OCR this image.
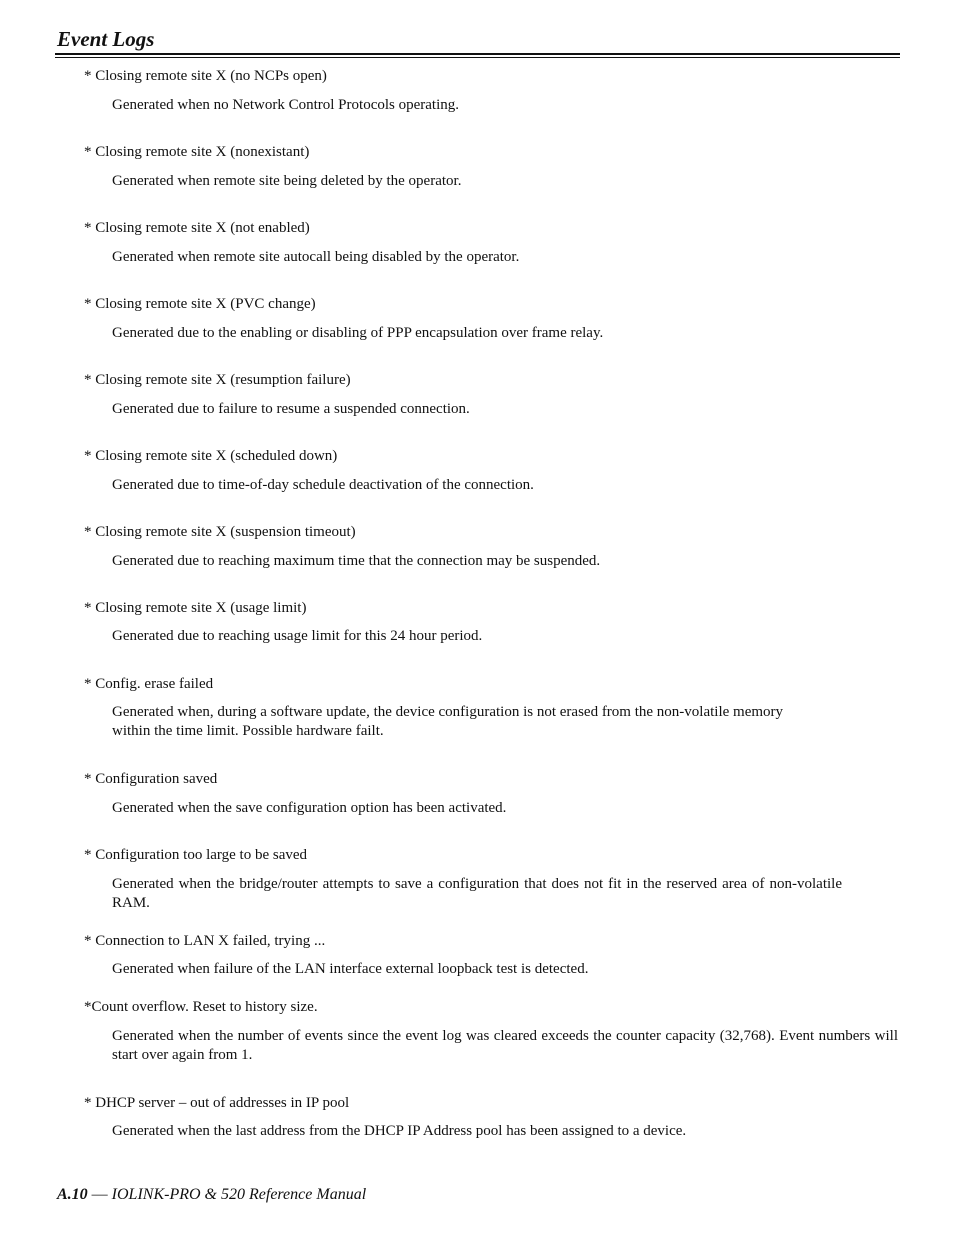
Event Logs
* Closing remote site X (no NCPs open)

Generated when no Network Control Protocols operating.

* Closing remote site X (nonexistant)

Generated when remote site being deleted by the operator.

* Closing remote site X (not enabled)

Generated when remote site autocall being disabled by the operator.

* Closing remote site X (PVC change)

Generated due to the enabling or disabling of PPP encapsulation over frame relay.

* Closing remote site X (resumption failure)

Generated due to failure to resume a suspended connection.

* Closing remote site X (scheduled down)

Generated due to time-of-day schedule deactivation of the connection.

* Closing remote site X (suspension timeout)

Generated due to reaching maximum time that the connection may be suspended.

* Closing remote site X (usage limit)

Generated due to reaching usage limit for this 24 hour period.

* Config. erase failed

Generated when, during a software update, the device configuration is not erased from the non-volatile memory within the time limit. Possible hardware failt.

* Configuration saved

Generated when the save configuration option has been activated.

* Configuration too large to be saved

Generated when the bridge/router attempts to save a configuration that does not fit in the reserved area of non-volatile RAM.

* Connection to LAN X failed, trying ...

Generated when failure of the LAN interface external loopback test is detected.

*Count overflow. Reset to history size.

Generated when the number of events since the event log was cleared exceeds the counter capacity (32,768). Event numbers will start over again from 1.

* DHCP server – out of addresses in IP pool

Generated when the last address from the DHCP IP Address pool has been assigned to a device.

A.10 — IOLINK-PRO & 520 Reference Manual
